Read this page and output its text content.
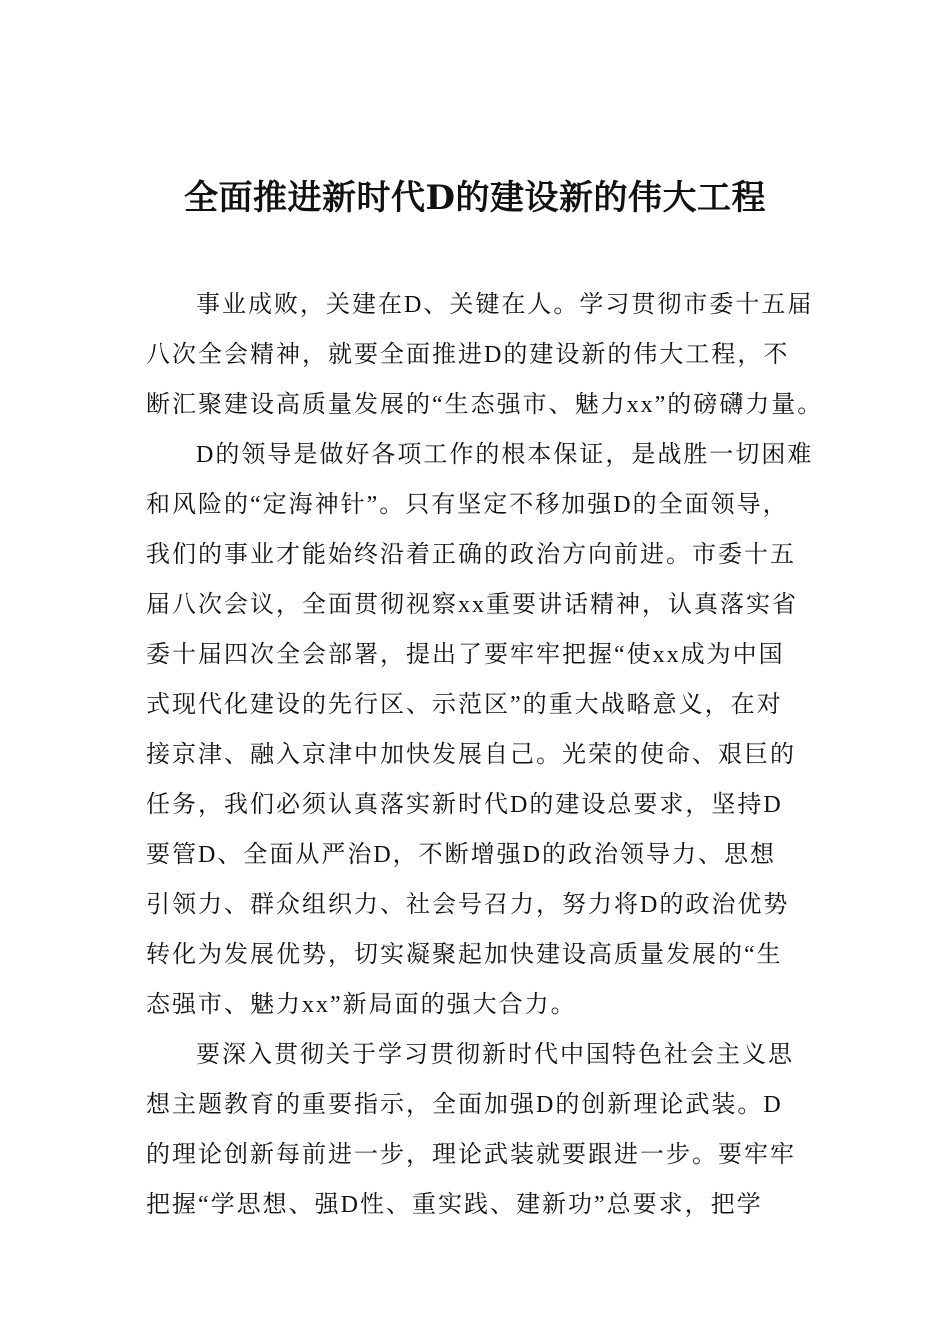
全面推进新时代D的建设新的伟大工程
事业成败，关建在D、关键在人。学习贯彻市委十五届
八次全会精神，就要全面推进D的建设新的伟大工程，不
断汇聚建设高质量发展的“生态强市、魅力xx”的磅礴力量。
D的领导是做好各项工作的根本保证，是战胜一切困难
和风险的“定海神针”。只有坚定不移加强D的全面领导，
我们的事业才能始终沿着正确的政治方向前进。市委十五
届八次会议，全面贯彻视察xx重要讲话精神，认真落实省
委十届四次全会部署，提出了要牢牢把握“使xx成为中国
式现代化建设的先行区、示范区”的重大战略意义，在对
接京津、融入京津中加快发展自己。光荣的使命、艰巨的
任务，我们必须认真落实新时代D的建设总要求，坚持D
要管D、全面从严治D，不断增强D的政治领导力、思想
引领力、群众组织力、社会号召力，努力将D的政治优势
转化为发展优势，切实凝聚起加快建设高质量发展的“生
态强市、魅力xx”新局面的强大合力。
要深入贯彻关于学习贯彻新时代中国特色社会主义思
想主题教育的重要指示，全面加强D的创新理论武装。D
的理论创新每前进一步，理论武装就要跟进一步。要牢牢
把握“学思想、强D性、重实践、建新功”总要求，把学
